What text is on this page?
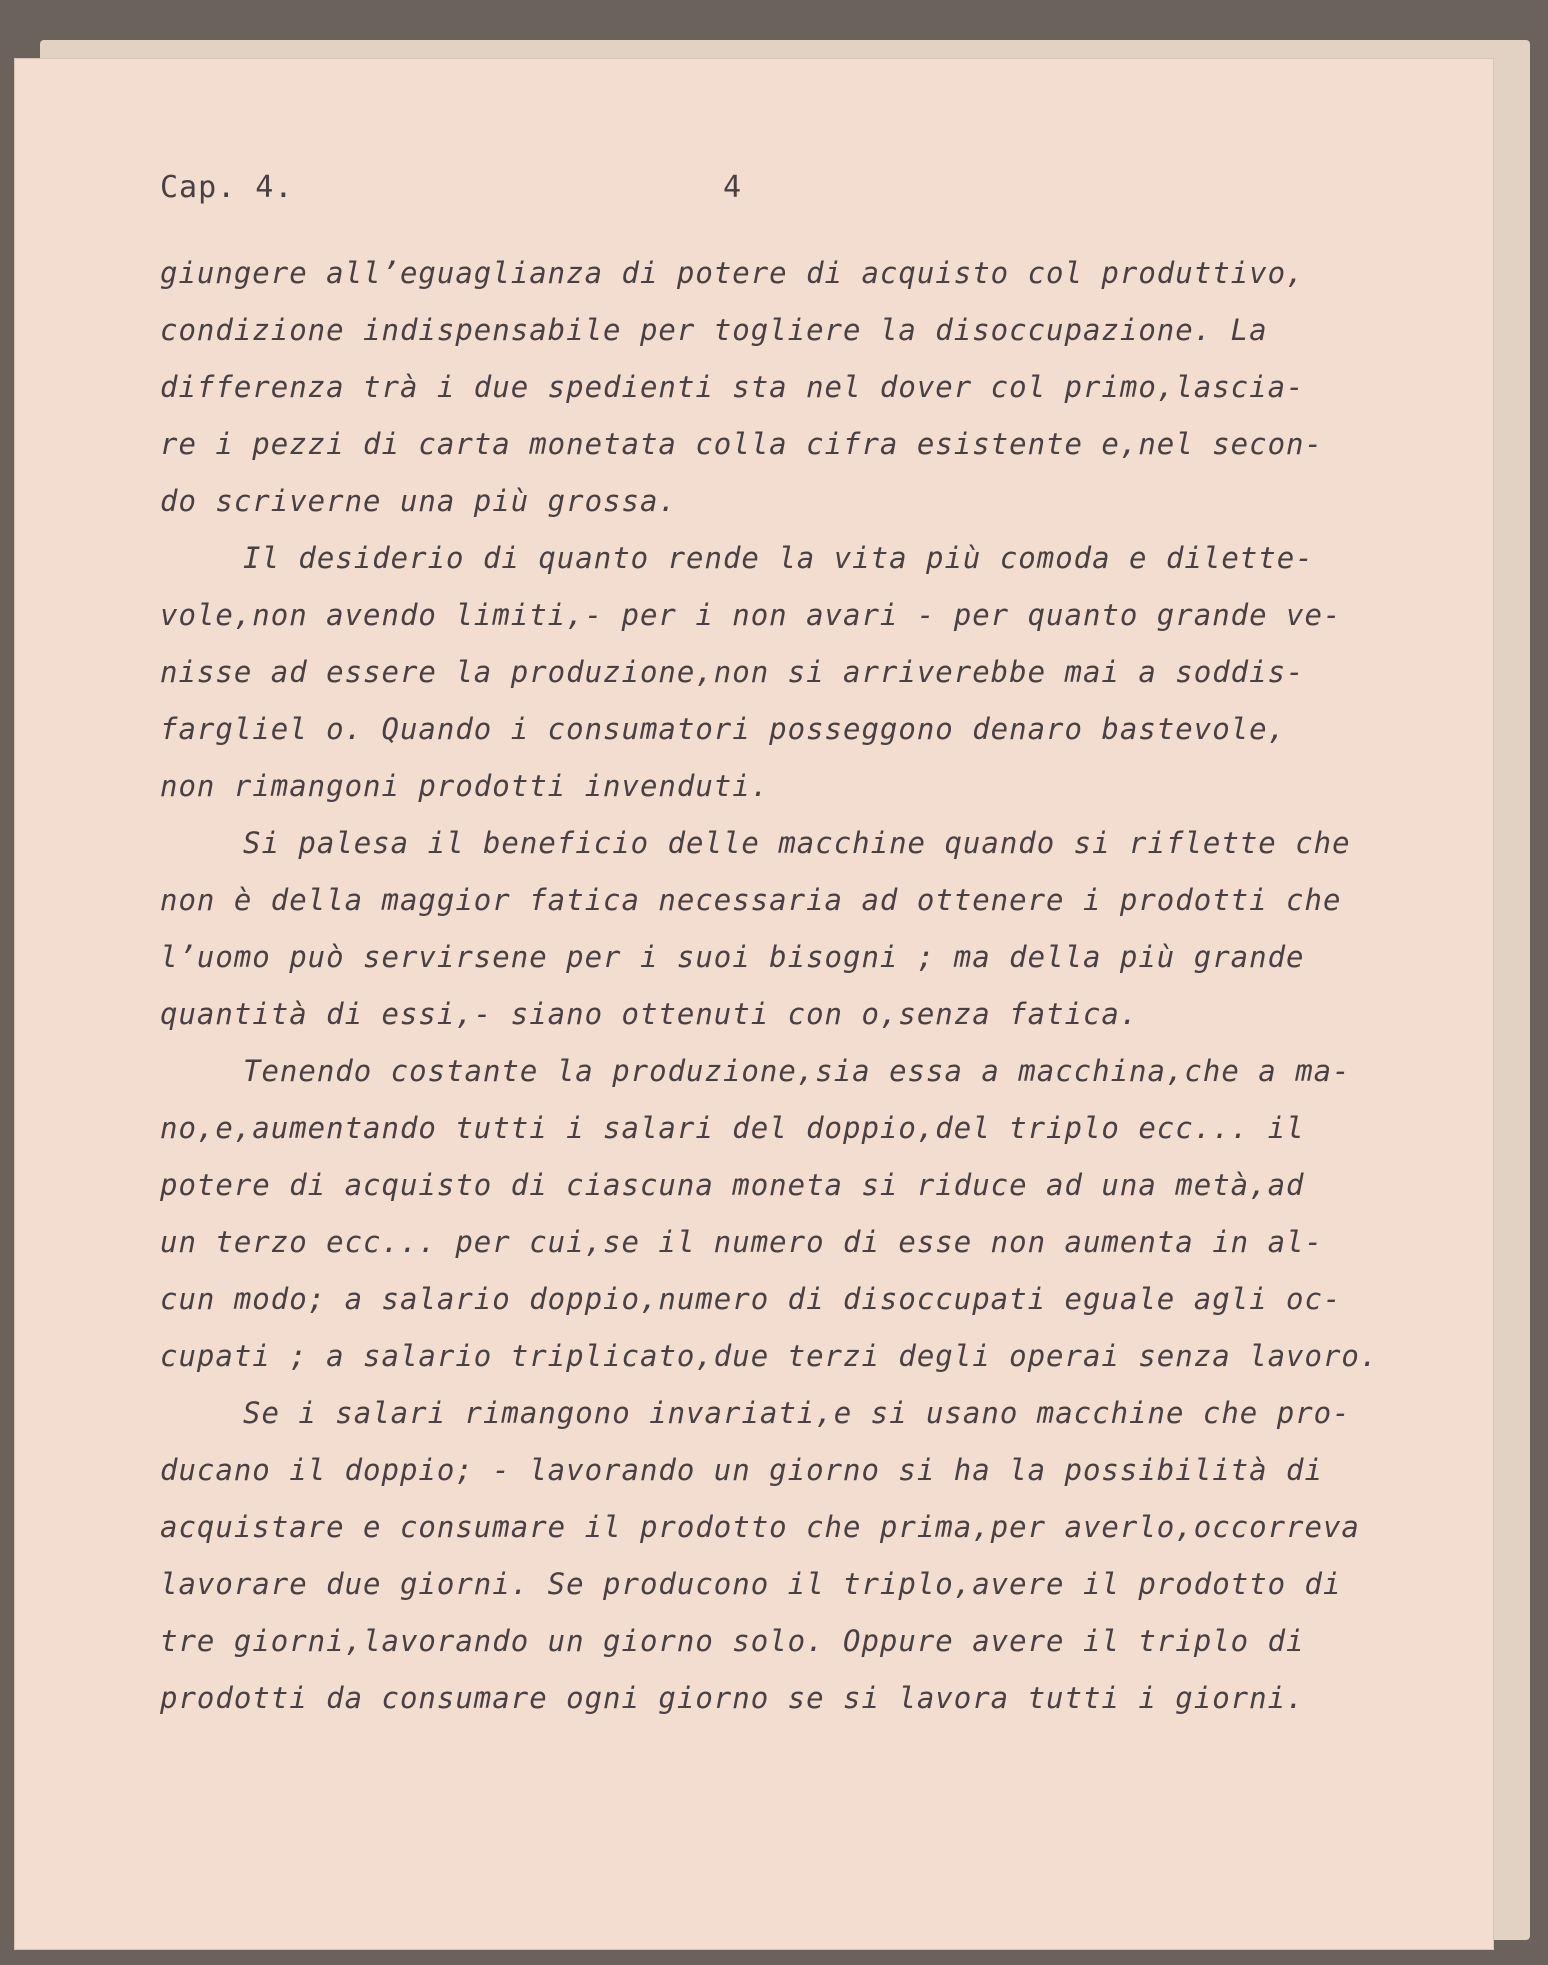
Cap. 4.	4
giungere all’eguaglianza di potere di acquisto col produttivo,
condizione indispensabile per togliere la disoccupazione. La
differenza trà i due spedienti sta nel dover col primo,lascia-
re i pezzi di carta monetata colla cifra esistente e,nel secon-
do scriverne una più grossa.
Il desiderio di quanto rende la vita più comoda e dilette-
vole,non avendo limiti,- per i non avari - per quanto grande ve-
nisse ad essere la produzione,non si arriverebbe mai a soddis-
fargliel o. Quando i consumatori posseggono denaro bastevole,
non rimangoni prodotti invenduti.
Si palesa il beneficio delle macchine quando si riflette che
non è della maggior fatica necessaria ad ottenere i prodotti che
l’uomo può servirsene per i suoi bisogni ; ma della più grande
quantità di essi,- siano ottenuti con o,senza fatica.
Tenendo costante la produzione,sia essa a macchina,che a ma-
no,e,aumentando tutti i salari del doppio,del triplo ecc... il
potere di acquisto di ciascuna moneta si riduce ad una metà,ad
un terzo ecc... per cui,se il numero di esse non aumenta in al-
cun modo; a salario doppio,numero di disoccupati eguale agli oc-
cupati ; a salario triplicato,due terzi degli operai senza lavoro.
Se i salari rimangono invariati,e si usano macchine che pro-
ducano il doppio; - lavorando un giorno si ha la possibilità di
acquistare e consumare il prodotto che prima,per averlo,occorreva
lavorare due giorni. Se producono il triplo,avere il prodotto di
tre giorni,lavorando un giorno solo. Oppure avere il triplo di
prodotti da consumare ogni giorno se si lavora tutti i giorni.
